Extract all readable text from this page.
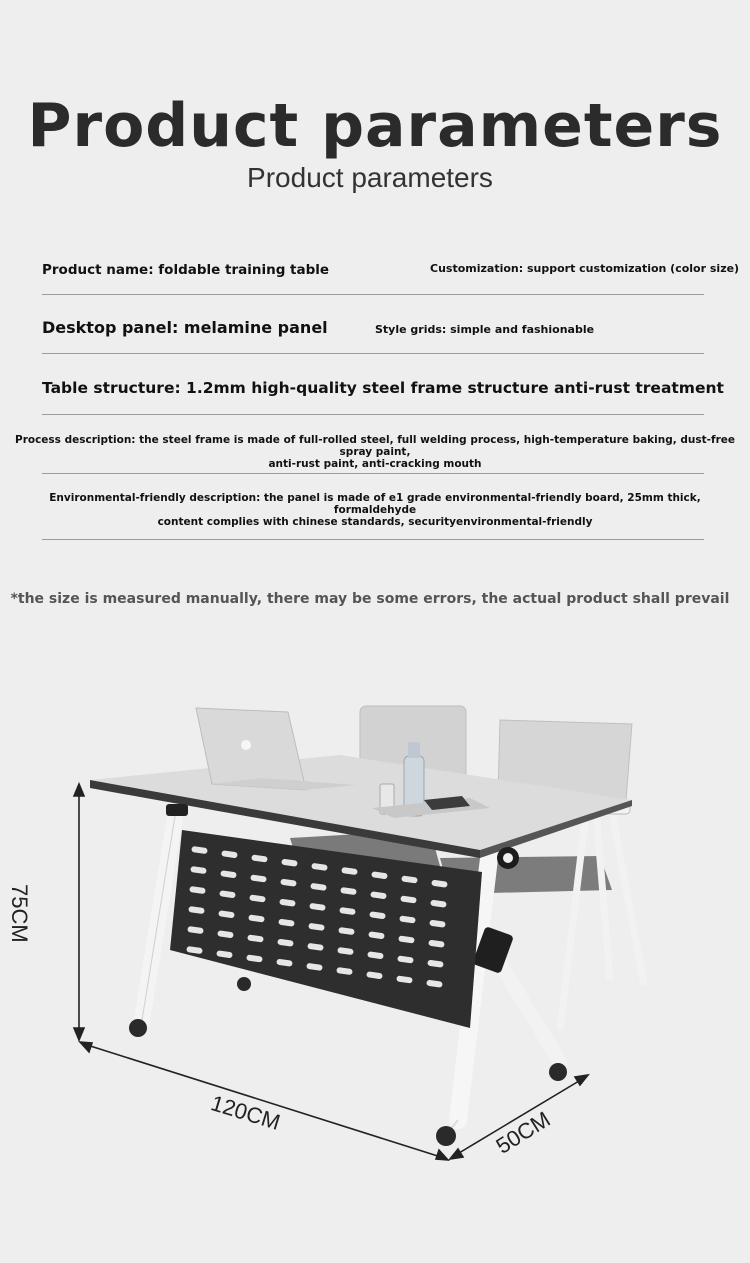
Product parameters
Product parameters
Product name: foldable training table	Customization: support customization (color size)
Desktop panel: melamine panel	Style grids: simple and fashionable
Table structure: 1.2mm high-quality steel frame structure anti-rust treatment
Process description: the steel frame is made of full-rolled steel, full welding process, high-temperature baking, dust-free spray paint,
anti-rust paint, anti-cracking mouth
Environmental-friendly description: the panel is made of e1 grade environmental-friendly board, 25mm thick, formaldehyde
content complies with chinese standards, securityenvironmental-friendly
*the size is measured manually, there may be some errors, the actual product shall prevail
75CM
120CM	50CM
